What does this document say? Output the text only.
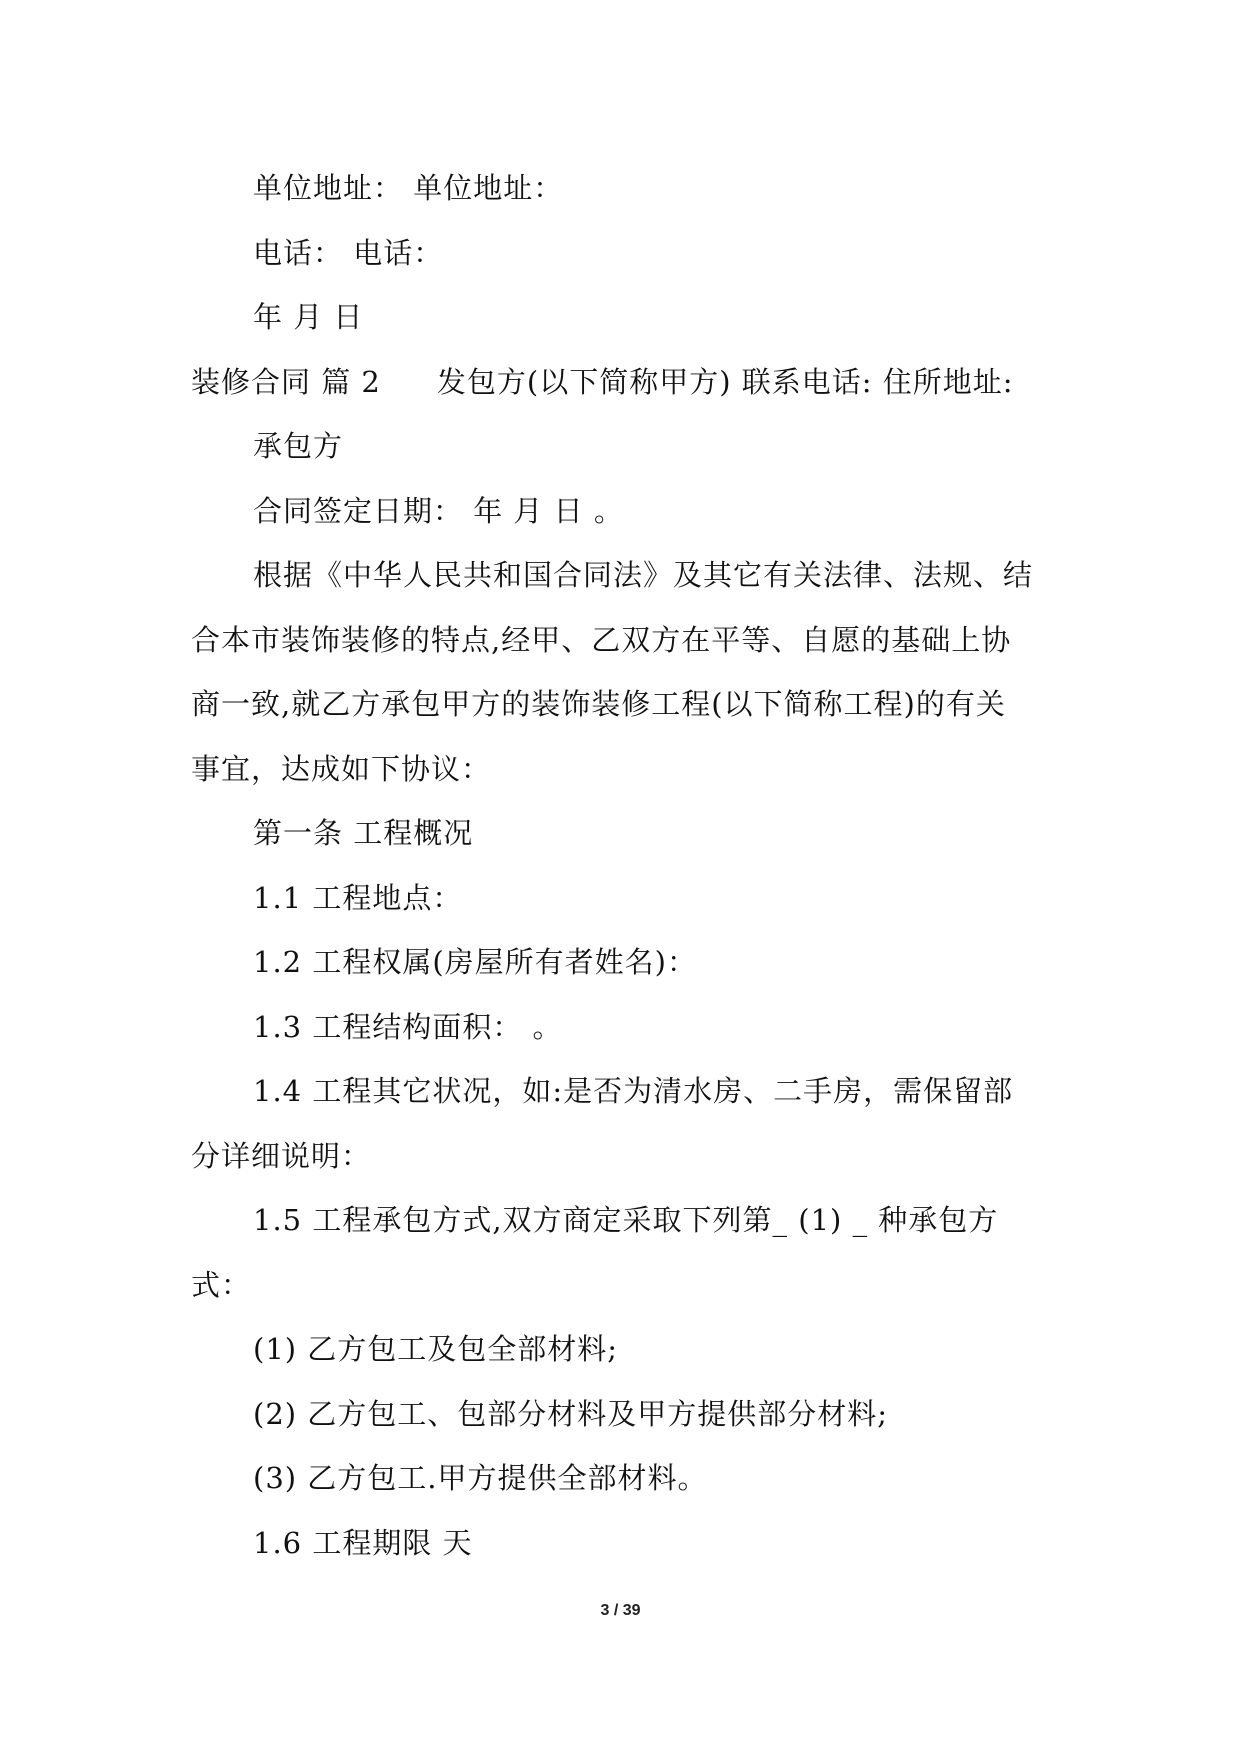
单位地址： 单位地址：
电话： 电话：
年 月 日
装修合同 篇 2 发包方(以下简称甲方) 联系电话: 住所地址:
承包方
合同签定日期： 年 月 日 。
根据《中华人民共和国合同法》及其它有关法律、法规、结
合本市装饰装修的特点,经甲、乙双方在平等、自愿的基础上协
商一致,就乙方承包甲方的装饰装修工程(以下简称工程)的有关
事宜，达成如下协议：
第一条 工程概况
1.1 工程地点：
1.2 工程权属(房屋所有者姓名)：
1.3 工程结构面积： 。
1.4 工程其它状况，如:是否为清水房、二手房，需保留部
分详细说明：
1.5 工程承包方式,双方商定采取下列第_ (1) _ 种承包方
式：
(1) 乙方包工及包全部材料;
(2) 乙方包工、包部分材料及甲方提供部分材料;
(3) 乙方包工.甲方提供全部材料。
1.6 工程期限 天
3 / 39
